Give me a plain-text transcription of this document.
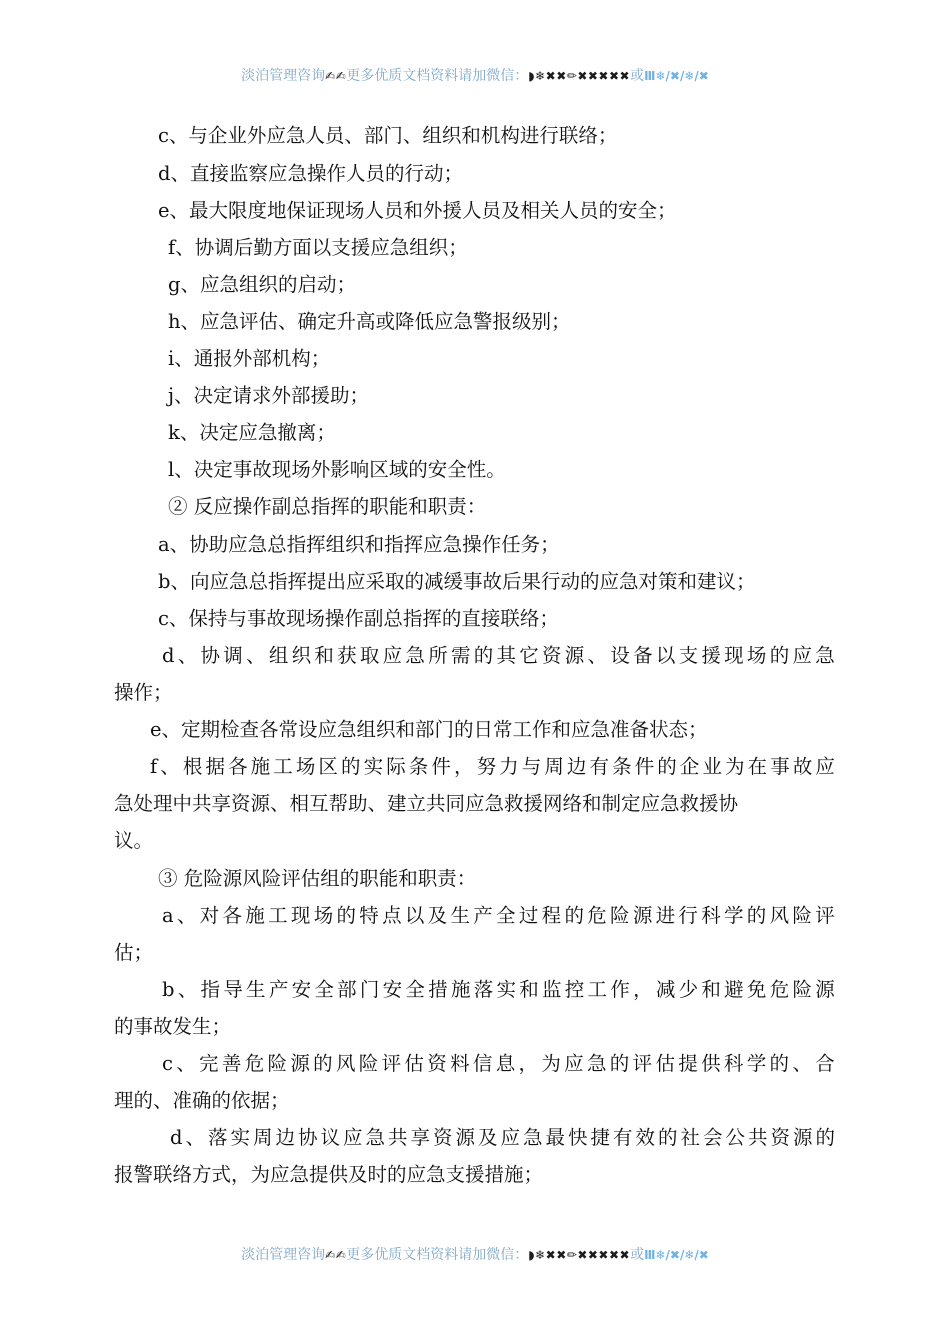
淡泊管理咨询✍✍更多优质文档资料请加微信：◗❄✖✖✏✖✖✖✖✖或Ⅲ❄/✖/❄/✖
c、与企业外应急人员、部门、组织和机构进行联络；
d、直接监察应急操作人员的行动；
e、最大限度地保证现场人员和外援人员及相关人员的安全；
f、协调后勤方面以支援应急组织；
g、应急组织的启动；
h、应急评估、确定升高或降低应急警报级别；
i、通报外部机构；
j、决定请求外部援助；
k、决定应急撤离；
l、决定事故现场外影响区域的安全性。
② 反应操作副总指挥的职能和职责：
a、协助应急总指挥组织和指挥应急操作任务；
b、向应急总指挥提出应采取的减缓事故后果行动的应急对策和建议；
c、保持与事故现场操作副总指挥的直接联络；
d、协调、组织和获取应急所需的其它资源、设备以支援现场的应急
操作；
e、定期检查各常设应急组织和部门的日常工作和应急准备状态；
f、根据各施工场区的实际条件，努力与周边有条件的企业为在事故应
急处理中共享资源、相互帮助、建立共同应急救援网络和制定应急救援协
议。
③ 危险源风险评估组的职能和职责：
a、对各施工现场的特点以及生产全过程的危险源进行科学的风险评
估；
b、指导生产安全部门安全措施落实和监控工作，减少和避免危险源
的事故发生；
c、完善危险源的风险评估资料信息，为应急的评估提供科学的、合
理的、准确的依据；
d、落实周边协议应急共享资源及应急最快捷有效的社会公共资源的
报警联络方式，为应急提供及时的应急支援措施；
淡泊管理咨询✍✍更多优质文档资料请加微信：◗❄✖✖✏✖✖✖✖✖或Ⅲ❄/✖/❄/✖
